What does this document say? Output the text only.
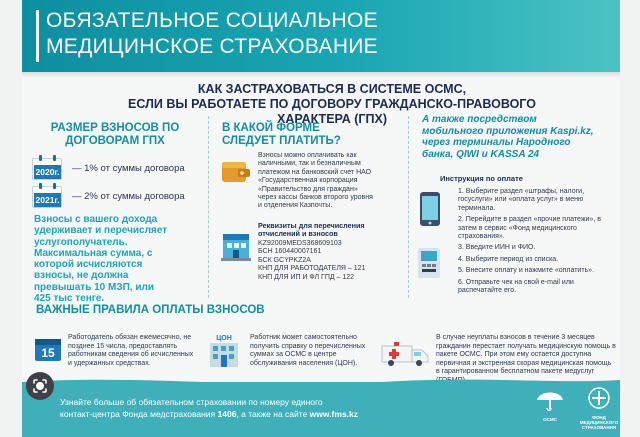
ОБЯЗАТЕЛЬНОЕ СОЦИАЛЬНОЕ
МЕДИЦИНСКОЕ СТРАХОВАНИЕ
КАК ЗАСТРАХОВАТЬСЯ В СИСТЕМЕ ОСМС,
ЕСЛИ ВЫ РАБОТАЕТЕ ПО ДОГОВОРУ ГРАЖДАНСКО-ПРАВОВОГО ХАРАКТЕРА (ГПХ)
РАЗМЕР ВЗНОСОВ ПО
ДОГОВОРАМ ГПХ
2020г. — 1% от суммы договора
2021г. — 2% от суммы договора
Взносы с вашего дохода
удерживает и перечисляет
услугополучатель.
Максимальная сумма, с
которой исчисляются
взносы, не должна
превышать 10 МЗП, или
425 тыс тенге.
В КАКОЙ ФОРМЕ
СЛЕДУЕТ ПЛАТИТЬ?
Взносы можно оплачивать как
наличными, так и безналичным
платежом на банковский счет НАО
«Государственная корпорация
«Правительство для граждан»
через кассы банков второго уровня
и отделения Казпочты.
Реквизиты для перечисления
отчислений и взносов
KZ92009MEDS368609103
БСН 160440007161
БСК GCYPKZ2A
КНП ДЛЯ РАБОТОДАТЕЛЯ – 121
КНП ДЛЯ ИП И ФЛ ГПД – 122
А также посредством
мобильного приложения Kaspi.kz,
через терминалы Народного
банка, QIWI и KASSA 24
Инструкция по оплате
1. Выберите раздел «штрафы, налоги, госуслуги» или «оплата услуг» в меню терминала.
2. Перейдите в раздел «прочие платежи», в затем в сервис «Фонд медицинского страхования».
3. Введите ИИН и ФИО.
4. Выберите период из списка.
5. Внесите оплату и нажмите «оплатить».
6. Отправьте чек на свой e-mail или распечатайте его.
ВАЖНЫЕ ПРАВИЛА ОПЛАТЫ ВЗНОСОВ
15
Работодатель обязан ежемесячно, не позднее 15 числа, предоставлять работникам сведения об исчисленных и удержанных средствах.
ЦОН	Работник может самостоятельно получить справку о перечисленных суммах за ОСМС в центре обслуживания населения (ЦОН).
В случае неуплаты взносов в течение 3 месяцев гражданин перестает получать медицинскую помощь в пакете ОСМС. При этом ему остается доступна первичная и экстренная скорая медицинская помощь в гарантированном бесплатном пакете медуслуг
Узнайте больше об обязательном страховании по номеру единого
контакт-центра Фонда медстрахования 1406, а также на сайте www.fms.kz
ОСМС	ФОНД
МЕДИЦИНСКОГО
СТРАХОВАНИЯ
